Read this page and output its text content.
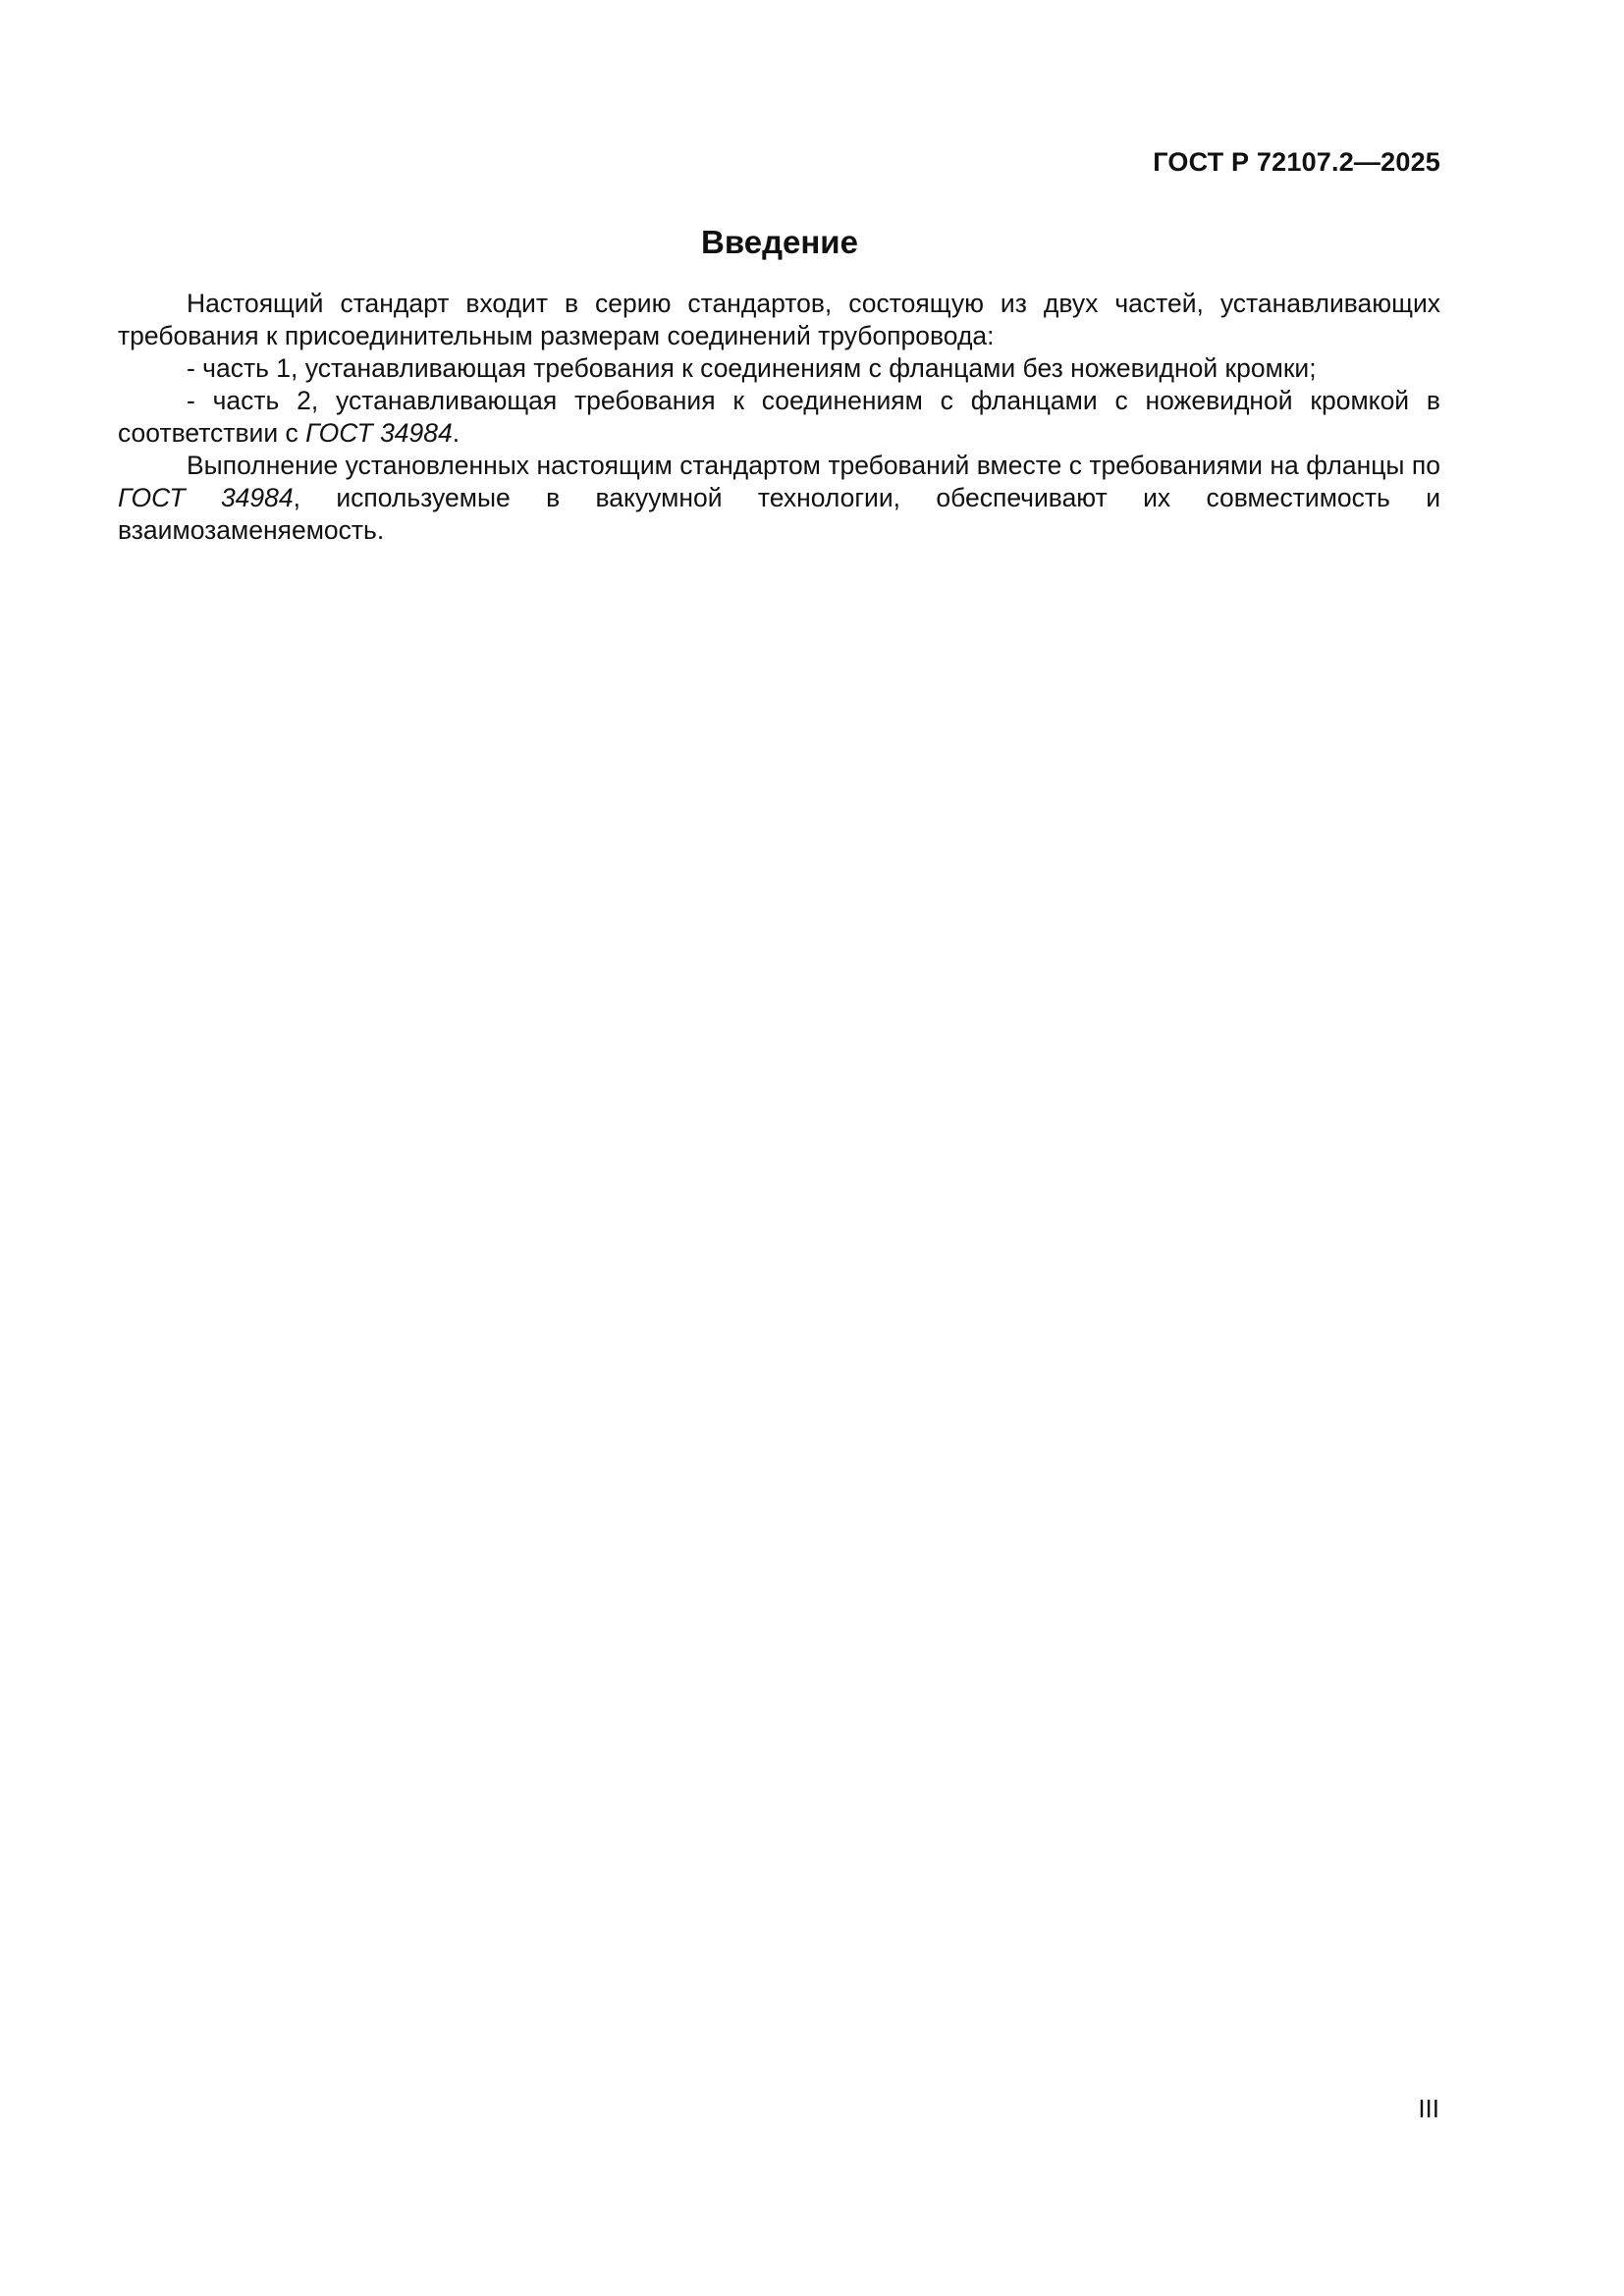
ГОСТ Р 72107.2—2025
Введение

Настоящий стандарт входит в серию стандартов, состоящую из двух частей, устанавливающих требования к присоединительным размерам соединений трубопровода:

- часть 1, устанавливающая требования к соединениям с фланцами без ножевидной кромки;

- часть 2, устанавливающая требования к соединениям с фланцами с ножевидной кромкой в соответствии с ГОСТ 34984.

Выполнение установленных настоящим стандартом требований вместе с требованиями на фланцы по ГОСТ 34984, используемые в вакуумной технологии, обеспечивают их совместимость и взаимозаменяемость.

III
